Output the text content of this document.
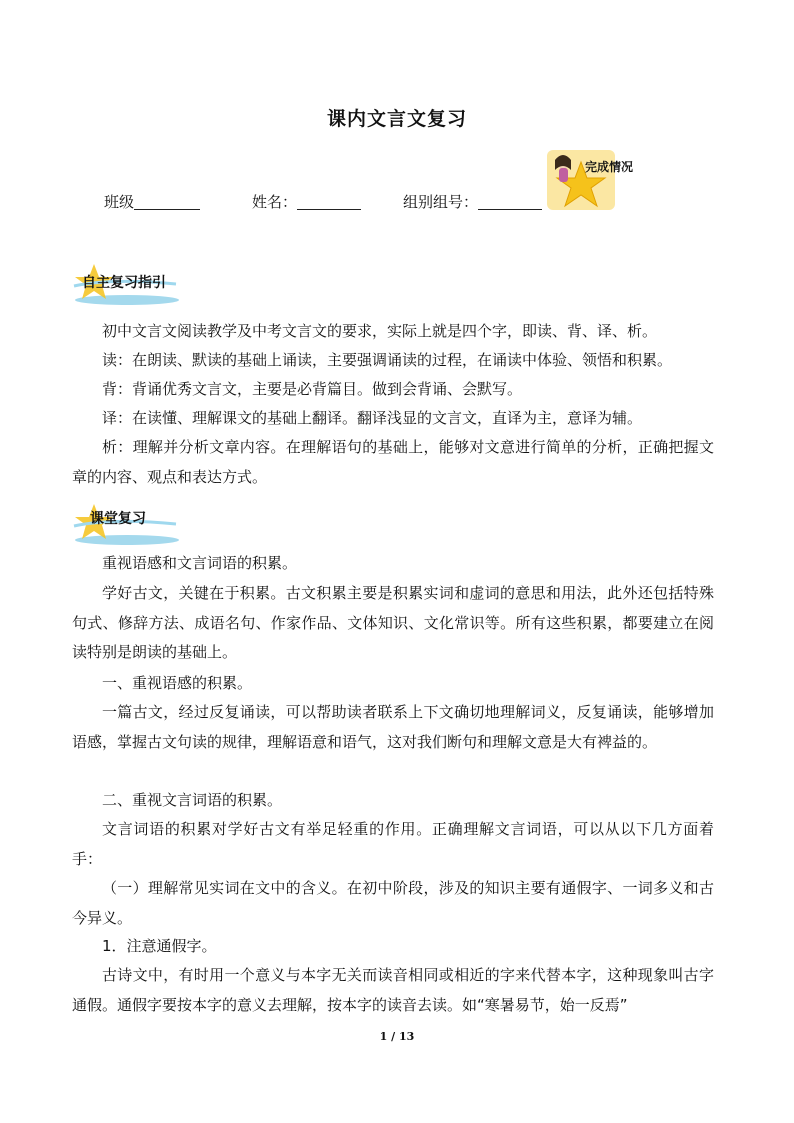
课内文言文复习
完成情况
班级	姓名：	组别组号：
自主复习指引
初中文言文阅读教学及中考文言文的要求，实际上就是四个字，即读、背、译、析。
读：在朗读、默读的基础上诵读，主要强调诵读的过程，在诵读中体验、领悟和积累。
背：背诵优秀文言文，主要是必背篇目。做到会背诵、会默写。
译：在读懂、理解课文的基础上翻译。翻译浅显的文言文，直译为主，意译为辅。
析：理解并分析文章内容。在理解语句的基础上，能够对文意进行简单的分析，正确把握文章的内容、观点和表达方式。
课堂复习
重视语感和文言词语的积累。
学好古文，关键在于积累。古文积累主要是积累实词和虚词的意思和用法，此外还包括特殊句式、修辞方法、成语名句、作家作品、文体知识、文化常识等。所有这些积累，都要建立在阅读特别是朗读的基础上。
一、重视语感的积累。
一篇古文，经过反复诵读，可以帮助读者联系上下文确切地理解词义，反复诵读，能够增加语感，掌握古文句读的规律，理解语意和语气，这对我们断句和理解文意是大有裨益的。
二、重视文言词语的积累。
文言词语的积累对学好古文有举足轻重的作用。正确理解文言词语，可以从以下几方面着手：
（一）理解常见实词在文中的含义。在初中阶段，涉及的知识主要有通假字、一词多义和古今异义。
1．注意通假字。
古诗文中，有时用一个意义与本字无关而读音相同或相近的字来代替本字，这种现象叫古字通假。通假字要按本字的意义去理解，按本字的读音去读。如“寒暑易节，始一反焉”
1 / 13
